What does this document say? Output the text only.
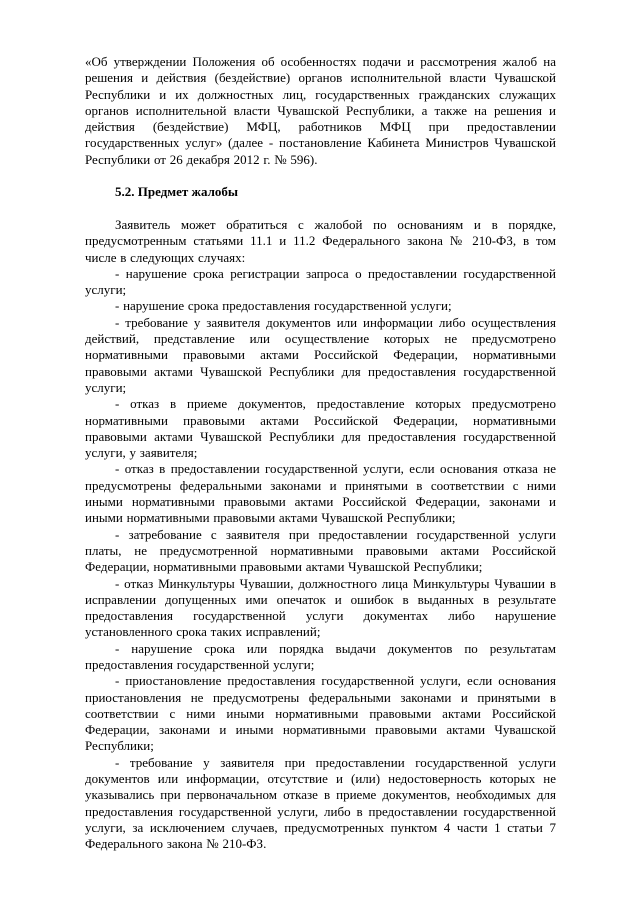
«Об утверждении Положения об особенностях подачи и рассмотрения жалоб на решения и действия (бездействие) органов исполнительной власти Чувашской Республики и их должностных лиц, государственных гражданских служащих органов исполнительной власти Чувашской Республики, а также на решения и действия (бездействие) МФЦ, работников МФЦ при предоставлении государственных услуг» (далее - постановление Кабинета Министров Чувашской Республики от 26 декабря 2012 г. № 596).

5.2. Предмет жалобы

Заявитель может обратиться с жалобой по основаниям и в порядке, предусмотренным статьями 11.1 и 11.2 Федерального закона № 210-ФЗ, в том числе в следующих случаях:

- нарушение срока регистрации запроса о предоставлении государственной услуги;

- нарушение срока предоставления государственной услуги;

- требование у заявителя документов или информации либо осуществления действий, представление или осуществление которых не предусмотрено нормативными правовыми актами Российской Федерации, нормативными правовыми актами Чувашской Республики для предоставления государственной услуги;

- отказ в приеме документов, предоставление которых предусмотрено нормативными правовыми актами Российской Федерации, нормативными правовыми актами Чувашской Республики для предоставления государственной услуги, у заявителя;

- отказ в предоставлении государственной услуги, если основания отказа не предусмотрены федеральными законами и принятыми в соответствии с ними иными нормативными правовыми актами Российской Федерации, законами и иными нормативными правовыми актами Чувашской Республики;

- затребование с заявителя при предоставлении государственной услуги платы, не предусмотренной нормативными правовыми актами Российской Федерации, нормативными правовыми актами Чувашской Республики;

- отказ Минкультуры Чувашии, должностного лица Минкультуры Чувашии в исправлении допущенных ими опечаток и ошибок в выданных в результате предоставления государственной услуги документах либо нарушение установленного срока таких исправлений;

- нарушение срока или порядка выдачи документов по результатам предоставления государственной услуги;

- приостановление предоставления государственной услуги, если основания приостановления не предусмотрены федеральными законами и принятыми в соответствии с ними иными нормативными правовыми актами Российской Федерации, законами и иными нормативными правовыми актами Чувашской Республики;

- требование у заявителя при предоставлении государственной услуги документов или информации, отсутствие и (или) недостоверность которых не указывались при первоначальном отказе в приеме документов, необходимых для предоставления государственной услуги, либо в предоставлении государственной услуги, за исключением случаев, предусмотренных пунктом 4 части 1 статьи 7 Федерального закона № 210-ФЗ.
